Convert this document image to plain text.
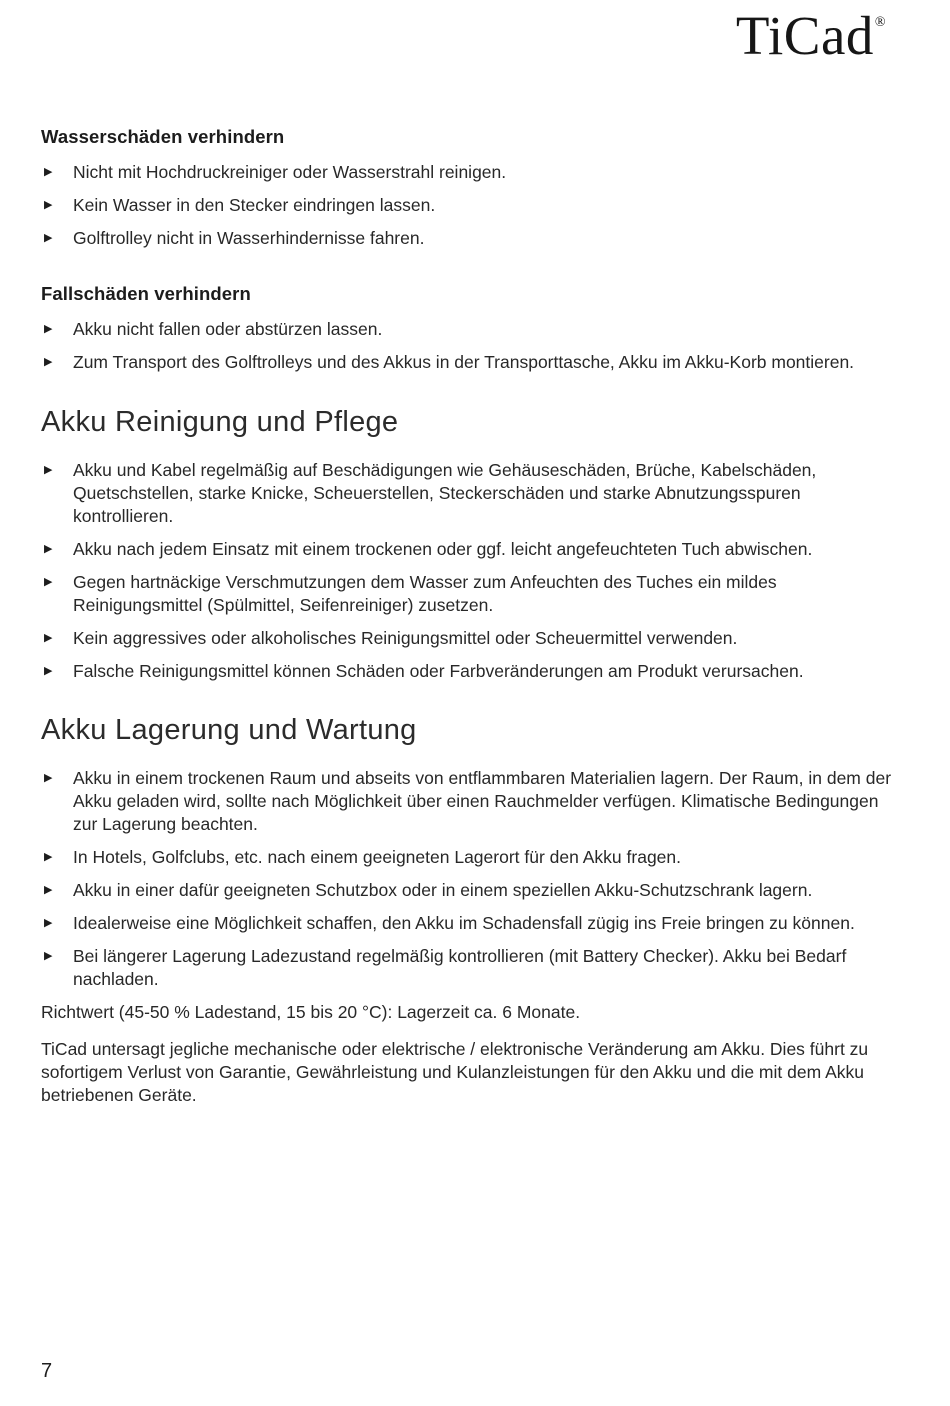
TiCad®
Wasserschäden verhindern
▶	Nicht mit Hochdruckreiniger oder Wasserstrahl reinigen.
▶	Kein Wasser in den Stecker eindringen lassen.
▶	Golftrolley nicht in Wasserhindernisse fahren.
Fallschäden verhindern
▶	Akku nicht fallen oder abstürzen lassen.
▶	Zum Transport des Golftrolleys und des Akkus in der Transporttasche, Akku im Akku-Korb montieren.
Akku Reinigung und Pflege
▶	Akku und Kabel regelmäßig auf Beschädigungen wie Gehäuseschäden, Brüche, Kabelschäden, Quetschstellen, starke Knicke, Scheuerstellen, Steckerschäden und starke Abnutzungsspuren kontrollieren.
▶	Akku nach jedem Einsatz mit einem trockenen oder ggf. leicht angefeuchteten Tuch abwischen.
▶	Gegen hartnäckige Verschmutzungen dem Wasser zum Anfeuchten des Tuches ein mildes Reinigungsmittel (Spülmittel, Seifenreiniger) zusetzen.
▶	Kein aggressives oder alkoholisches Reinigungsmittel oder Scheuermittel verwenden.
▶	Falsche Reinigungsmittel können Schäden oder Farbveränderungen am Produkt verursachen.
Akku Lagerung und Wartung
▶	Akku in einem trockenen Raum und abseits von entflammbaren Materialien lagern. Der Raum, in dem der Akku geladen wird, sollte nach Möglichkeit über einen Rauchmelder verfügen. Klimatische Bedingungen zur Lagerung beachten.
▶	In Hotels, Golfclubs, etc. nach einem geeigneten Lagerort für den Akku fragen.
▶	Akku in einer dafür geeigneten Schutzbox oder in einem speziellen Akku-Schutzschrank lagern.
▶	Idealerweise eine Möglichkeit schaffen, den Akku im Schadensfall zügig ins Freie bringen zu können.
▶	Bei längerer Lagerung Ladezustand regelmäßig kontrollieren (mit Battery Checker). Akku bei Bedarf nachladen.

Richtwert (45-50 % Ladestand, 15 bis 20 °C): Lagerzeit ca. 6 Monate.

TiCad untersagt jegliche mechanische oder elektrische / elektronische Veränderung am Akku. Dies führt zu sofortigem Verlust von Garantie, Gewährleistung und Kulanzleistungen für den Akku und die mit dem Akku betriebenen Geräte.

7
